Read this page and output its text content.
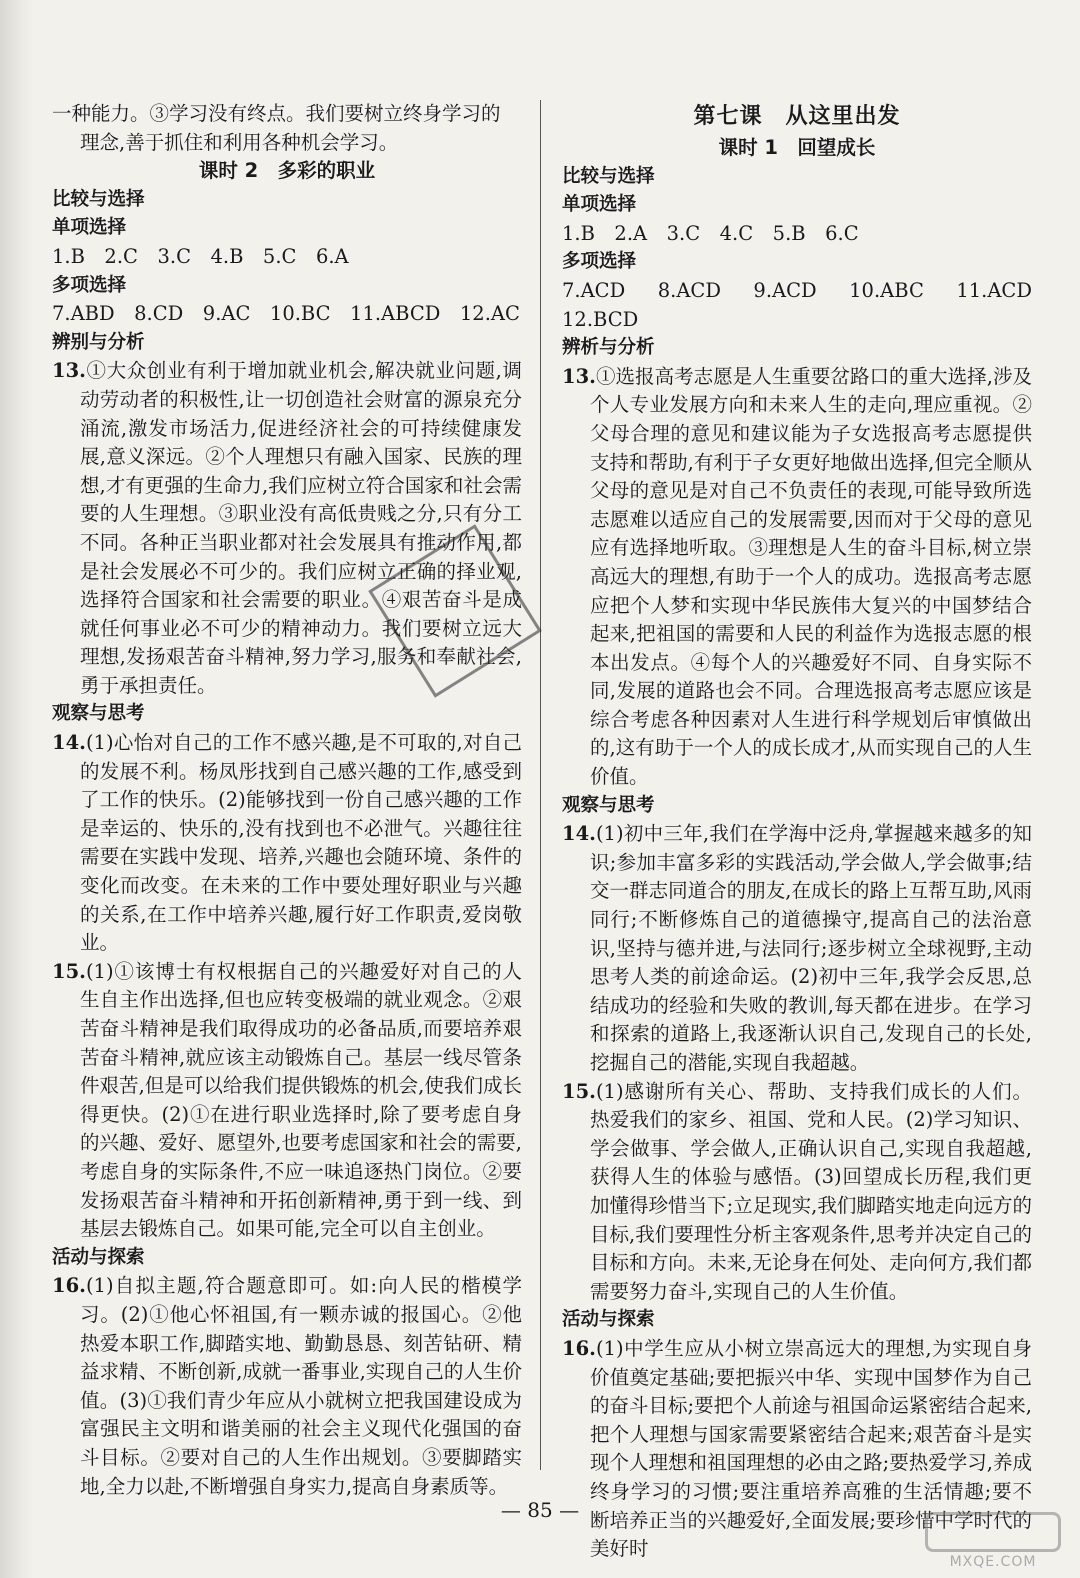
一种能力。③学习没有终点。我们要树立终身学习的

理念,善于抓住和利用各种机会学习。

课时 2　多彩的职业

比较与选择

单项选择

1.B　2.C　3.C　4.B　5.C　6.A

多项选择

7.ABD　8.CD　9.AC　10.BC　11.ABCD　12.AC

辨别与分析

13.①大众创业有利于增加就业机会,解决就业问题,调动劳动者的积极性,让一切创造社会财富的源泉充分涌流,激发市场活力,促进经济社会的可持续健康发展,意义深远。②个人理想只有融入国家、民族的理想,才有更强的生命力,我们应树立符合国家和社会需要的人生理想。③职业没有高低贵贱之分,只有分工不同。各种正当职业都对社会发展具有推动作用,都是社会发展必不可少的。我们应树立正确的择业观,选择符合国家和社会需要的职业。④艰苦奋斗是成就任何事业必不可少的精神动力。我们要树立远大理想,发扬艰苦奋斗精神,努力学习,服务和奉献社会,勇于承担责任。

观察与思考

14.(1)心怡对自己的工作不感兴趣,是不可取的,对自己的发展不利。杨凤彤找到自己感兴趣的工作,感受到了工作的快乐。(2)能够找到一份自己感兴趣的工作是幸运的、快乐的,没有找到也不必泄气。兴趣往往需要在实践中发现、培养,兴趣也会随环境、条件的变化而改变。在未来的工作中要处理好职业与兴趣的关系,在工作中培养兴趣,履行好工作职责,爱岗敬业。

15.(1)①该博士有权根据自己的兴趣爱好对自己的人生自主作出选择,但也应转变极端的就业观念。②艰苦奋斗精神是我们取得成功的必备品质,而要培养艰苦奋斗精神,就应该主动锻炼自己。基层一线尽管条件艰苦,但是可以给我们提供锻炼的机会,使我们成长得更快。(2)①在进行职业选择时,除了要考虑自身的兴趣、爱好、愿望外,也要考虑国家和社会的需要,考虑自身的实际条件,不应一味追逐热门岗位。②要发扬艰苦奋斗精神和开拓创新精神,勇于到一线、到基层去锻炼自己。如果可能,完全可以自主创业。

活动与探索

16.(1)自拟主题,符合题意即可。如:向人民的楷模学习。(2)①他心怀祖国,有一颗赤诚的报国心。②他热爱本职工作,脚踏实地、勤勤恳恳、刻苦钻研、精益求精、不断创新,成就一番事业,实现自己的人生价值。(3)①我们青少年应从小就树立把我国建设成为富强民主文明和谐美丽的社会主义现代化强国的奋斗目标。②要对自己的人生作出规划。③要脚踏实地,全力以赴,不断增强自身实力,提高自身素质等。

第七课　从这里出发

课时 1　回望成长

比较与选择

单项选择

1.B　2.A　3.C　4.C　5.B　6.C

多项选择

7.ACD　8.ACD　9.ACD　10.ABC　11.ACD　12.BCD

辨析与分析

13.①选报高考志愿是人生重要岔路口的重大选择,涉及个人专业发展方向和未来人生的走向,理应重视。②父母合理的意见和建议能为子女选报高考志愿提供支持和帮助,有利于子女更好地做出选择,但完全顺从父母的意见是对自己不负责任的表现,可能导致所选志愿难以适应自己的发展需要,因而对于父母的意见应有选择地听取。③理想是人生的奋斗目标,树立崇高远大的理想,有助于一个人的成功。选报高考志愿应把个人梦和实现中华民族伟大复兴的中国梦结合起来,把祖国的需要和人民的利益作为选报志愿的根本出发点。④每个人的兴趣爱好不同、自身实际不同,发展的道路也会不同。合理选报高考志愿应该是综合考虑各种因素对人生进行科学规划后审慎做出的,这有助于一个人的成长成才,从而实现自己的人生价值。

观察与思考

14.(1)初中三年,我们在学海中泛舟,掌握越来越多的知识;参加丰富多彩的实践活动,学会做人,学会做事;结交一群志同道合的朋友,在成长的路上互帮互助,风雨同行;不断修炼自己的道德操守,提高自己的法治意识,坚持与德并进,与法同行;逐步树立全球视野,主动思考人类的前途命运。(2)初中三年,我学会反思,总结成功的经验和失败的教训,每天都在进步。在学习和探索的道路上,我逐渐认识自己,发现自己的长处,挖掘自己的潜能,实现自我超越。

15.(1)感谢所有关心、帮助、支持我们成长的人们。热爱我们的家乡、祖国、党和人民。(2)学习知识、学会做事、学会做人,正确认识自己,实现自我超越,获得人生的体验与感悟。(3)回望成长历程,我们更加懂得珍惜当下;立足现实,我们脚踏实地走向远方的目标,我们要理性分析主客观条件,思考并决定自己的目标和方向。未来,无论身在何处、走向何方,我们都需要努力奋斗,实现自己的人生价值。

活动与探索

16.(1)中学生应从小树立崇高远大的理想,为实现自身价值奠定基础;要把振兴中华、实现中国梦作为自己的奋斗目标;要把个人前途与祖国命运紧密结合起来,把个人理想与国家需要紧密结合起来;艰苦奋斗是实现个人理想和祖国理想的必由之路;要热爱学习,养成终身学习的习惯;要注重培养高雅的生活情趣;要不断培养正当的兴趣爱好,全面发展;要珍惜中学时代的美好时

— 85 —
MXQE.COM
